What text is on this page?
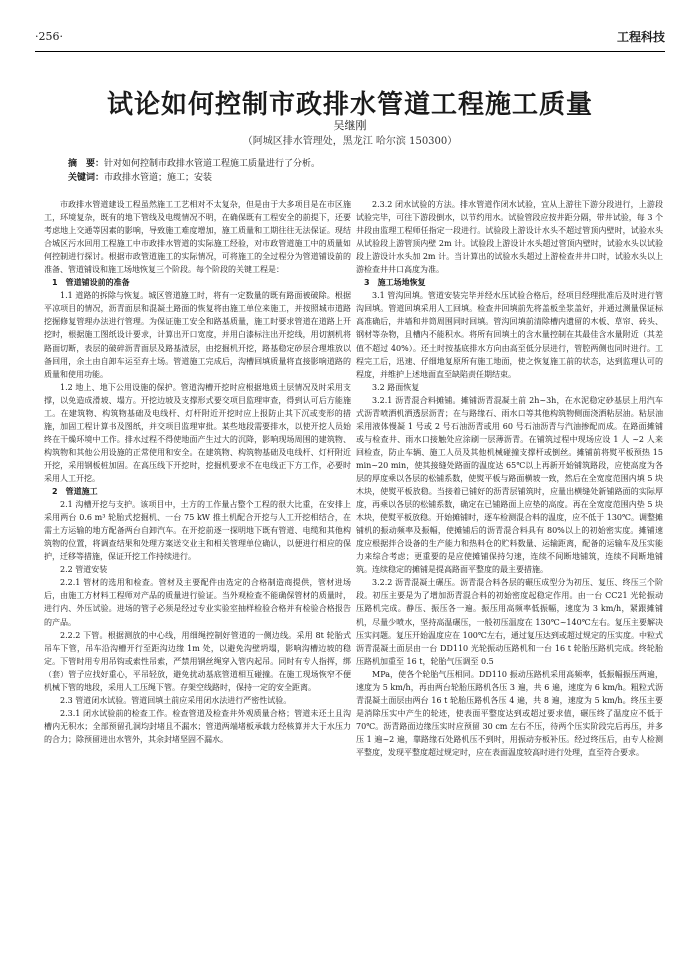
·256·	工程科技
试论如何控制市政排水管道工程施工质量
吴继刚
（阿城区排水管理处，黑龙江 哈尔滨 150300）
摘　要：针对如何控制市政排水管道工程施工质量进行了分析。
关键词：市政排水管道；施工；安装

市政排水管道建设工程虽然施工工艺相对不太复杂，但是由于大多项目是在市区施工，环境复杂，既有的地下管线及电缆情况不明，在确保既有工程安全的前提下，还要考虑地上交通等因素的影响，导致施工难度增加，施工质量和工期往往无法保证。现结合城区污水回用工程施工中市政排水管道的实际施工经验，对市政管道施工中的质量如何控制进行探讨。根据市政管道施工的实际情况，可将施工的全过程分为管道铺设前的准备、管道铺设和施工场地恢复三个阶段。每个阶段的关键工程是：

1　管道铺设前的准备

1.1 道路的拆除与恢复。城区管道施工时，将有一定数量的既有路面被破除。根据平凉项目的情况，沥青面层和混凝土路面的恢复将由施工单位来施工，并按照城市道路挖掘修复管理办法进行管理。为保证施工安全和路基质量，施工时要求管道在道路上开挖时，根据施工图纸设计要求，计算出开口宽度，并用白漆标注出开挖线，用切割机将路面切断，表层的破碎沥青面层及路基渣层，由挖掘机开挖，路基稳定砂层合理堆放以备回用，余土由自卸车运至弃土场。管道施工完成后，沟槽回填质量将直接影响道路的质量和使用功能。

1.2 地上、地下公用设施的保护。管道沟槽开挖时应根据地质土层情况及时采用支撑，以免造成滑坡、塌方。开挖边坡及支撑形式要交项目监理审查，得到认可后方能施工。在建筑物、构筑物基础及电线杆、灯杆附近开挖时应上报防止其下沉或变形的措施，加固工程计算书及图纸，并交项目监理审批。某些地段需要排水，以使开挖人员始终在干燥环境中工作。排水过程不得使地面产生过大的沉降，影响现场周围的建筑物、构筑物和其他公用设施的正常使用和安全。在建筑物、构筑物基础及电线杆、灯杆附近开挖，采用钢板桩加固。在高压线下开挖时，挖掘机要求不在电线正下方工作，必要时采用人工开挖。

2　管道施工

2.1 沟槽开挖与支护。该项目中，土方的工作量占整个工程的很大比重，在安排上采用两台 0.6 m³ 轮胎式挖掘机、一台 75 kW 推土机配合开挖与人工开挖相结合，在需土方运输的地方配备两台自卸汽车。在开挖前逐一探明地下既有管道、电缆和其他构筑物的位置，将调查结果和处理方案送交业主和相关管理单位确认，以便进行相应的保护，迁移等措施，保证开挖工作持续进行。

2.2 管道安装

2.2.1 管材的选用和检查。管材及主要配件由选定的合格制造商提供，管材进场后，由施工方材料工程师对产品的质量进行验证。当外观检查不能确保管材的质量时，进行内、外压试验。进场的管子必须是经过专业实验室抽样检验合格并有检验合格报告的产品。

2.2.2 下管。根据测放的中心线，用细绳控制好管道的一侧边线。采用 8t 轮胎式吊车下管，吊车沿沟槽开行至距沟边缘 1m 处，以避免沟壁坍塌，影响沟槽边坡的稳定。下管时用专用吊钩或索性吊索，严禁用钢丝绳穿入管内起吊。同时有专人指挥，绑（套）管子应找好重心，平吊轻放，避免扰动基底管道相互碰撞。在施工现场恢窄不便机械下管的地段，采用人工压绳下管。存架空线路时，保持一定的安全距离。

2.3 管道闭水试验。管道回填土前应采用闭水法进行严密性试验。

2.3.1 闭水试验前的检查工作。检查管道及检查井外观质量合格；管道未还土且沟槽内无积水；全部预留孔洞均封堵且不漏水；管道两端堵板承载力经核算并大于水压力的合力；除预留进出水管外，其余封堵坚固不漏水。

2.3.2 闭水试验的方法。排水管道作闭水试验，宜从上游往下游分段进行，上游段试验完毕，可往下游段倒水，以节约用水。试验管段应按井距分隔，带井试验，每 3 个井段由监理工程师任指定一段进行。试验段上游设计水头不超过管顶内壁时，试验水头从试验段上游管顶内壁 2m 计。试验段上游设计水头超过管顶内壁时，试验水头以试验段上游设计水头加 2m 计。当计算出的试验水头超过上游检查井井口时，试验水头以上游检查井井口高度为准。

3　施工场地恢复

3.1 管沟回填。管道安装完毕并经水压试验合格后，经项目经理批准后及时进行管沟回填。管道回填采用人工回填。检查井回填前先将盖板坐浆盖好，并通过测量保证标高准确后，井墙和井筒周围同时回填。管沟回填前清除槽内遗留的木板、草帘、砖头、钢材等杂物，且槽内不能积水。将所有回填土的含水量控制在其最佳含水量附近（其差值不超过 40%）。还土时按基底排水方向由高至低分层进行，管腔两侧也同时进行。工程完工后，迅速、仔细地复原所有施工地面，使之恢复施工前的状态，达到监理认可的程度，并维护上述地面直至缺陷责任期结束。

3.2 路面恢复

3.2.1 沥青混合料摊铺。摊铺沥青混凝土前 2h~3h，在水泥稳定砂基层上用汽车式沥青喷洒机洒透层沥青；在与路缘石、雨水口等其他构筑物侧面浇洒粘层油。粘层油采用液体慢凝 1 号或 2 号石油沥青或用 60 号石油沥青与汽油掺配而成。在路面摊铺或与检查井、雨水口接触处应涂刷一层薄沥青。在铺筑过程中现场应设 1 人 ~2 人来回检查，防止车辆、施工人员及其他机械碰撞支撑杆或倒丝。摊铺前将熨平板预热 15 min~20 min，使其接缝处路面的温度达 65℃以上再新开始铺筑路段，应使高度为各层的厚度乘以各层的松铺系数，使熨平板与路面横坡一致，然后在全宽度范围内填 5 块木块，使熨平板放稳。当接着已铺好的沥青层铺筑时，应量出横缝处新铺路面的实际厚度，再乘以各层的松铺系数，确定在已铺路面上应垫的高度。再在全宽度范围内垫 5 块木块，使熨平板放稳。开始摊铺时，逐车检测混合料的温度，应不低于 130℃。调整摊铺机的振动频率及振幅，使摊铺后的沥青混合料具有 80%以上的初始密实度。摊铺速度应根据拌合设备的生产能力和热料仓的贮料数量、运输距离，配备的运输车及压实能力来综合考虑；更重要的是应使摊铺保持匀速，连续不间断地铺筑，连续不间断地铺筑。连续稳定的摊铺是提高路面平整度的最主要措施。

3.2.2 沥青混凝土碾压。沥青混合料各层的碾压成型分为初压、复压、终压三个阶段。初压主要是为了增加沥青混合料的初始密度起稳定作用。由一台 CC21 光轮振动压路机完成。静压、振压各一遍。振压用高频率低振幅，速度为 3 km/h，紧跟摊铺机，尽量少喷水，坚持高温碾压，一般初压温度在 130℃~140℃左右。复压主要解决压实问题。复压开始温度应在 100℃左右，通过复压达到或超过规定的压实度。中粒式沥青混凝土面层由一台 DD110 光轮振动压路机和一台 16 t 轮胎压路机完成。终轮胎压路机加重至 16 t，轮胎气压调至 0.5

MPa，使各个轮胎气压相同。DD110 振动压路机采用高频率，低振幅振压两遍，速度为 5 km/h，再由两台轮胎压路机各压 3 遍，共 6 遍，速度为 6 km/h。粗粒式沥青混凝土面层由两台 16 t 轮胎压路机各压 4 遍，共 8 遍，速度为 5 km/h。终压主要是消除压实中产生的轮迹，使表面平整度达到或超过要求值，碾压终了温度应不低于 70℃。沥青路面边缘压实时应预留 30 cm 左右不压，待两个压实阶段完后再压，并多压 1 遍~2 遍，靠路缘石处路机压不到时，用振动夯板补压。经过终压后，由专人检测平整度，发现平整度超过规定时，应在表面温度较高时进行处理，直至符合要求。
